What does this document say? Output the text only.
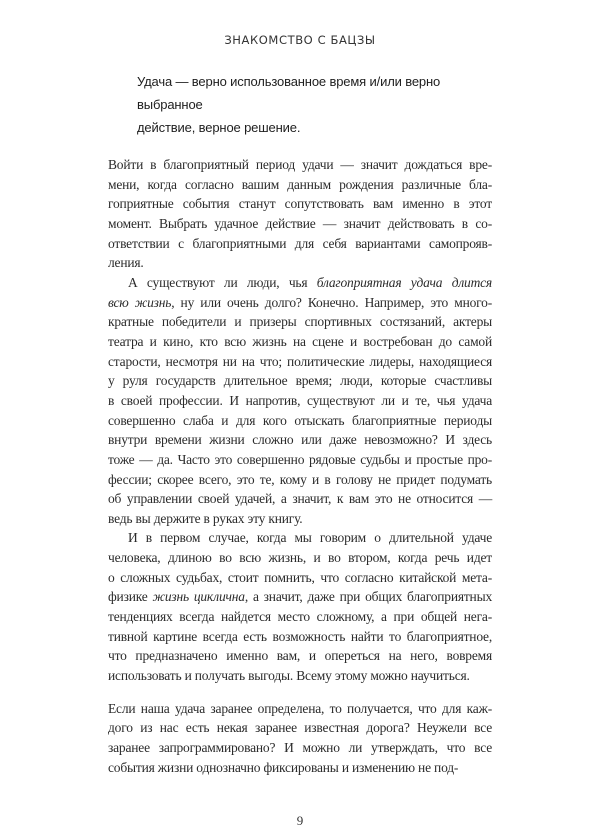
ЗНАКОМСТВО С БАЦЗЫ
Удача — верно использованное время и/или верно выбранное
действие, верное решение.
Войти в благоприятный период удачи — значит дождаться вре-
мени, когда согласно вашим данным рождения различные бла-
гоприятные события станут сопутствовать вам именно в этот
момент. Выбрать удачное действие — значит действовать в со-
ответствии с благоприятными для себя вариантами самопрояв-
ления.
А существуют ли люди, чья благоприятная удача длится
всю жизнь, ну или очень долго? Конечно. Например, это много-
кратные победители и призеры спортивных состязаний, актеры
театра и кино, кто всю жизнь на сцене и востребован до самой
старости, несмотря ни на что; политические лидеры, находящиеся
у руля государств длительное время; люди, которые счастливы
в своей профессии. И напротив, существуют ли и те, чья удача
совершенно слаба и для кого отыскать благоприятные периоды
внутри времени жизни сложно или даже невозможно? И здесь
тоже — да. Часто это совершенно рядовые судьбы и простые про-
фессии; скорее всего, это те, кому и в голову не придет подумать
об управлении своей удачей, а значит, к вам это не относится —
ведь вы держите в руках эту книгу.
И в первом случае, когда мы говорим о длительной удаче
человека, длиною во всю жизнь, и во втором, когда речь идет
о сложных судьбах, стоит помнить, что согласно китайской мета-
физике жизнь циклична, а значит, даже при общих благоприятных
тенденциях всегда найдется место сложному, а при общей нега-
тивной картине всегда есть возможность найти то благоприятное,
что предназначено именно вам, и опереться на него, вовремя
использовать и получать выгоды. Всему этому можно научиться.
Если наша удача заранее определена, то получается, что для каж-
дого из нас есть некая заранее известная дорога? Неужели все
заранее запрограммировано? И можно ли утверждать, что все
события жизни однозначно фиксированы и изменению не под-
9
